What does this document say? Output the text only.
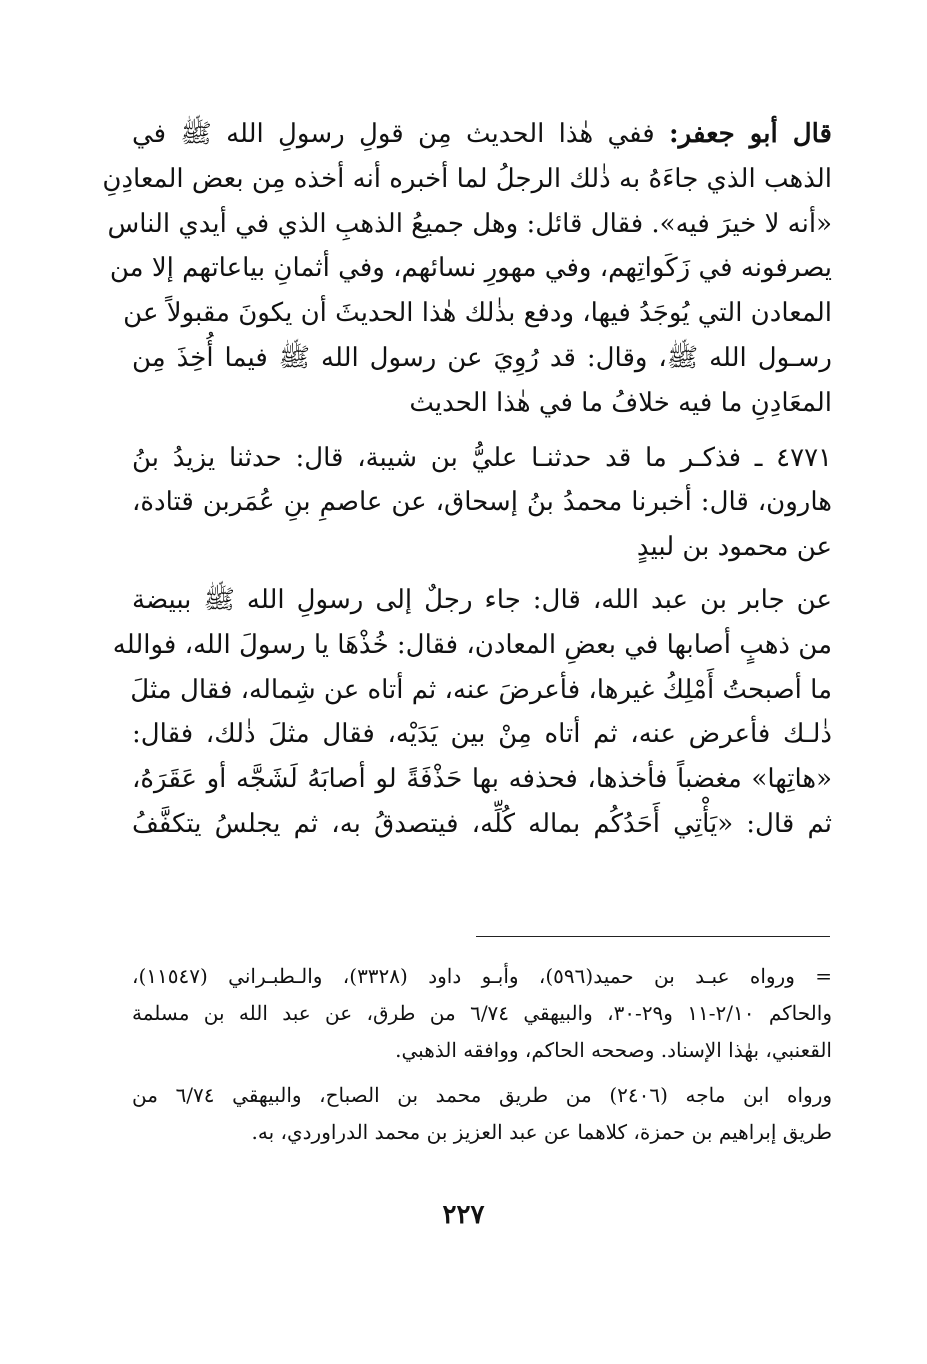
قال أبو جعفر: ففي هٰذا الحديث مِن قولِ رسولِ الله ﷺ في
الذهب الذي جاءَهُ به ذٰلك الرجلُ لما أخبره أنه أخذه مِن بعض المعادِنِ
«أنه لا خيرَ فيه». فقال قائل: وهل جميعُ الذهبِ الذي في أيدي الناس
يصرفونه في زَكَواتِهم، وفي مهورِ نسائهم، وفي أثمانِ بياعاتهم إلا من
المعادن التي يُوجَدُ فيها، ودفع بذٰلك هٰذا الحديثَ أن يكونَ مقبولاً عن
رسـول الله ﷺ، وقال: قد رُوِيَ عن رسول الله ﷺ فيما أُخِذَ مِن
المعَادِنِ ما فيه خلافُ ما في هٰذا الحديث
٤٧٧١ ـ فذكـر ما قد حدثنـا عليُّ بن شيبة، قال: حدثنا يزيدُ بنُ
هارون، قال: أخبرنا محمدُ بنُ إسحاق، عن عاصمِ بنِ عُمَربن قتادة،
عن محمود بن لبيدٍ
عن جابر بن عبد الله، قال: جاء رجلٌ إلى رسولِ الله ﷺ ببيضة
من ذهبٍ أصابها في بعضِ المعادن، فقال: خُذْهَا يا رسولَ الله، فوالله
ما أصبحتُ أَمْلِكُ غيرها، فأعرضَ عنه، ثم أتاه عن شِماله، فقال مثلَ
ذٰلـك فأعرض عنه، ثم أتاه مِنْ بين يَدَيْه، فقال مثلَ ذٰلك، فقال:
«هاتِها» مغضباً فأخذها، فحذفه بها حَذْفَةً لو أصابَهُ لَشَجَّه أو عَقَرَهُ،
ثم قال: «يَأْتِي أَحَدُكُم بماله كُلِّه، فيتصدقُ به، ثم يجلسُ يتكفَّفُ
= ورواه عبـد بن حميد(٥٩٦)، وأبـو داود (٣٣٢٨)، والـطبـراني (١١٥٤٧)،
والحاكم ٢/١٠-١١ و٢٩-٣٠، والبيهقي ٦/٧٤ من طرق، عن عبد الله بن مسلمة
القعنبي، بهٰذا الإسناد. وصححه الحاكم، ووافقه الذهبي.
ورواه ابن ماجه (٢٤٠٦) من طريق محمد بن الصباح، والبيهقي ٦/٧٤ من
طريق إبراهيم بن حمزة، كلاهما عن عبد العزيز بن محمد الدراوردي، به.
٢٢٧
